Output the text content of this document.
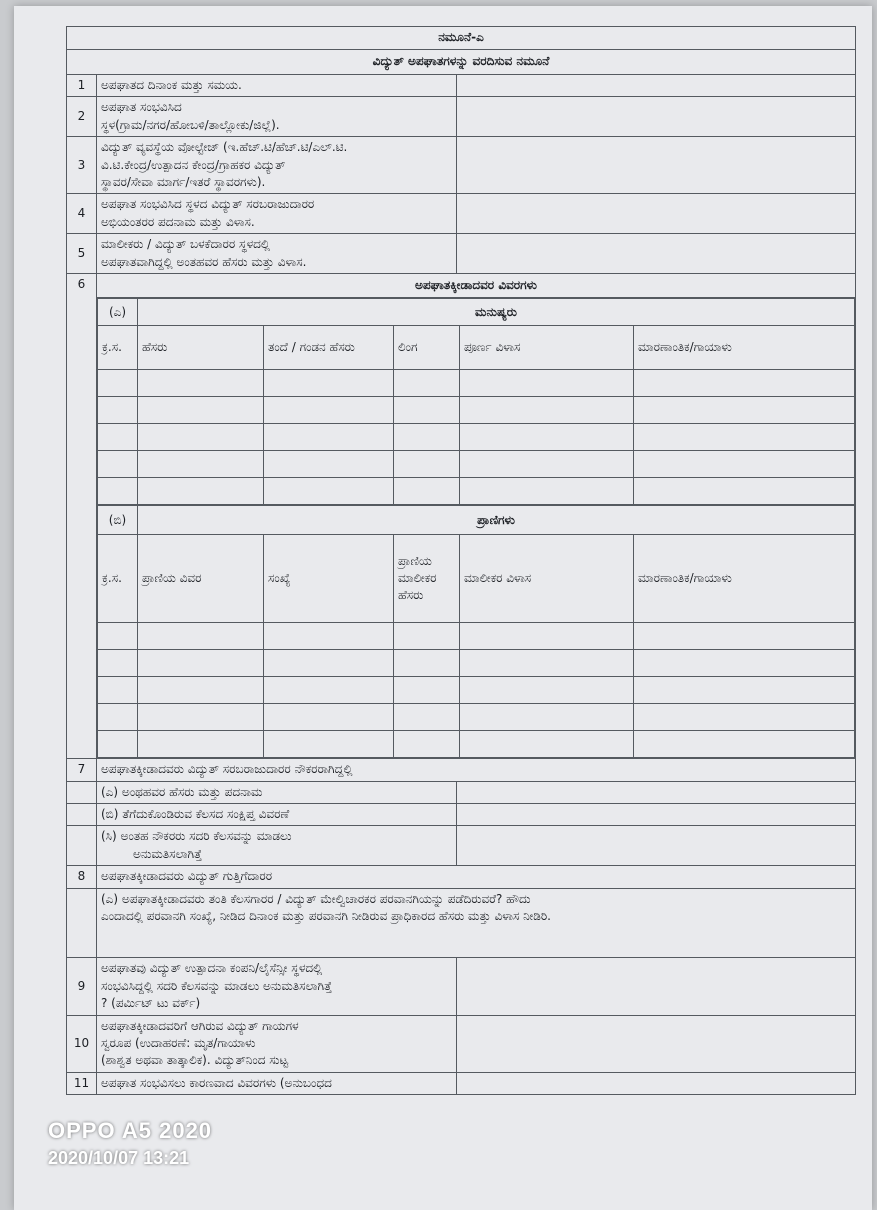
ನಮೂನೆ-ಎ
ವಿದ್ಯುತ್ ಅಪಘಾತಗಳನ್ನು ವರದಿಸುವ ನಮೂನೆ
1	ಅಪಘಾತದ ದಿನಾಂಕ ಮತ್ತು ಸಮಯ.	
2	
ಅಪಘಾತ ಸಂಭವಿಸಿದ
ಸ್ಥಳ(ಗ್ರಾಮ/ನಗರ/ಹೋಬಳಿ/ತಾಲ್ಲೋಕು/ಜಿಲ್ಲೆ).

3	
ವಿದ್ಯುತ್ ವ್ಯವಸ್ಥೆಯ ವೋಲ್ಟೇಜ್ (ಇ.ಹೆಚ್.ಟಿ/ಹೆಚ್.ಟಿ/ಎಲ್.ಟಿ.
ವಿ.ಟಿ.ಕೇಂದ್ರ/ಉತ್ಪಾದನ ಕೇಂದ್ರ/ಗ್ರಾಹಕರ ವಿದ್ಯುತ್
ಸ್ಥಾವರ/ಸೇವಾ ಮಾರ್ಗ/ಇತರೆ ಸ್ಥಾವರಗಳು).

4	
ಅಪಘಾತ ಸಂಭವಿಸಿದ ಸ್ಥಳದ ವಿದ್ಯುತ್ ಸರಬರಾಜುದಾರರ
ಅಭಿಯಂತರರ ಪದನಾಮ ಮತ್ತು ವಿಳಾಸ.

5	
ಮಾಲೀಕರು / ವಿದ್ಯುತ್ ಬಳಕೆದಾರರ ಸ್ಥಳದಲ್ಲಿ
ಅಪಘಾತವಾಗಿದ್ದಲ್ಲಿ ಅಂತಹವರ ಹೆಸರು ಮತ್ತು ವಿಳಾಸ.

6	ಅಪಘಾತಕ್ಕೀಡಾದವರ ವಿವರಗಳು
(ಎ)	ಮನುಷ್ಯರು
ಕ್ರ.ಸ.	ಹೆಸರು	ತಂದೆ / ಗಂಡನ ಹೆಸರು	ಲಿಂಗ	ಪೂರ್ಣ ವಿಳಾಸ	ಮಾರಣಾಂತಿಕ/ಗಾಯಾಳು

(ಬಿ)	ಪ್ರಾಣಿಗಳು
ಕ್ರ.ಸ.	ಪ್ರಾಣಿಯ ವಿವರ	ಸಂಖ್ಯೆ	ಪ್ರಾಣಿಯ ಮಾಲೀಕರ ಹೆಸರು	ಮಾಲೀಕರ ವಿಳಾಸ	ಮಾರಣಾಂತಿಕ/ಗಾಯಾಳು

7	ಅಪಘಾತಕ್ಕೀಡಾದವರು ವಿದ್ಯುತ್ ಸರಬರಾಜುದಾರರ ನೌಕರರಾಗಿದ್ದಲ್ಲಿ
	(ಎ) ಅಂಥಹವರ ಹೆಸರು ಮತ್ತು ಪದನಾಮ	
	(ಬಿ) ತೆಗೆದುಕೊಂಡಿರುವ ಕೆಲಸದ ಸಂಕ್ಷಿಪ್ತ ವಿವರಣೆ	
	(ಸಿ) ಅಂತಹ ನೌಕರರು ಸದರಿ ಕೆಲಸವನ್ನು ಮಾಡಲು
ಅನುಮತಿಸಲಾಗಿತ್ತೆ	
8	ಅಪಘಾತಕ್ಕೀಡಾದವರು ವಿದ್ಯುತ್ ಗುತ್ತಿಗೆದಾರರ
	(ಎ) ಅಪಘಾತಕ್ಕೀಡಾದವರು ತಂತಿ ಕೆಲಸಗಾರರ / ವಿದ್ಯುತ್ ಮೇಲ್ವಿಚಾರಕರ ಪರವಾನಗಿಯನ್ನು ಪಡೆದಿರುವರೆ? ಹೌದು
ಎಂದಾದಲ್ಲಿ ಪರವಾನಗಿ ಸಂಖ್ಯೆ, ನೀಡಿದ ದಿನಾಂಕ ಮತ್ತು ಪರವಾನಗಿ ನೀಡಿರುವ ಪ್ರಾಧಿಕಾರದ ಹೆಸರು ಮತ್ತು ವಿಳಾಸ ನೀಡಿರಿ.

9	
ಅಪಘಾತವು ವಿದ್ಯುತ್ ಉತ್ಪಾದನಾ ಕಂಪನಿ/ಲೈಸೆನ್ಸೀ ಸ್ಥಳದಲ್ಲಿ
ಸಂಭವಿಸಿದ್ದಲ್ಲಿ ಸದರಿ ಕೆಲಸವನ್ನು ಮಾಡಲು ಅನುಮತಿಸಲಾಗಿತ್ತೆ
? (ಪರ್ಮಿಟ್ ಟು ವರ್ಕ್)

10	
ಅಪಘಾತಕ್ಕೀಡಾದವರಿಗೆ ಆಗಿರುವ ವಿದ್ಯುತ್ ಗಾಯಗಳ
ಸ್ವರೂಪ (ಉದಾಹರಣೆ: ಮೃತ/ಗಾಯಾಳು
(ಶಾಶ್ವತ ಅಥವಾ ತಾತ್ಕಾಲಿಕ). ವಿದ್ಯುತ್‌ನಿಂದ ಸುಟ್ಟ

11	ಅಪಘಾತ ಸಂಭವಿಸಲು ಕಾರಣವಾದ ವಿವರಗಳು (ಅನುಬಂಧದ	
OPPO A5 2020
2020/10/07 13:21
